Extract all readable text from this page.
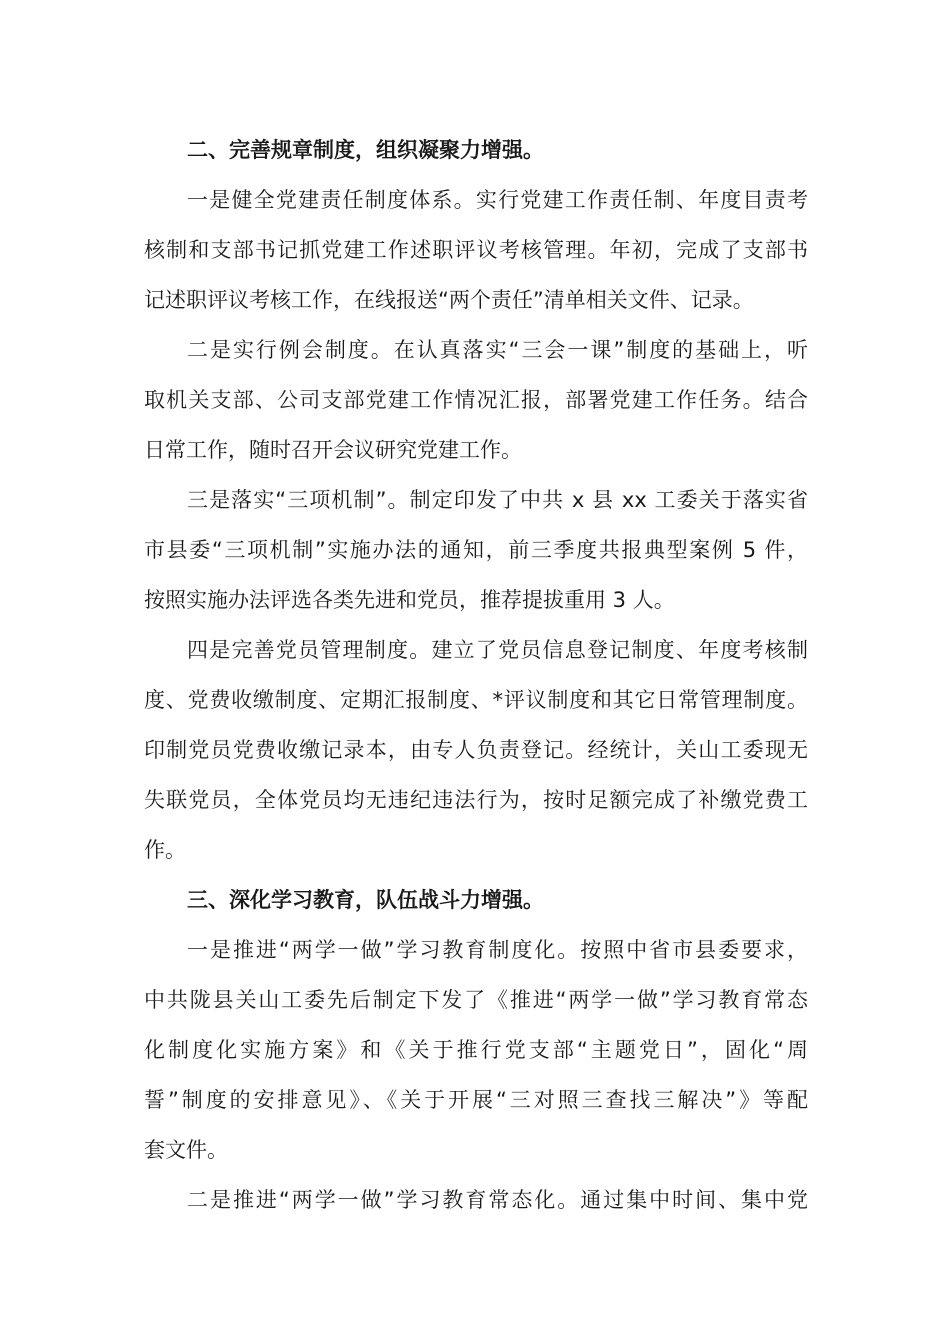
二、完善规章制度，组织凝聚力增强。
一是健全党建责任制度体系。实行党建工作责任制、年度目责考
核制和支部书记抓党建工作述职评议考核管理。年初，完成了支部书
记述职评议考核工作，在线报送“两个责任”清单相关文件、记录。
二是实行例会制度。在认真落实“三会一课”制度的基础上，听
取机关支部、公司支部党建工作情况汇报，部署党建工作任务。结合
日常工作，随时召开会议研究党建工作。
三是落实“三项机制”。制定印发了中共 x 县 xx 工委关于落实省
市县委“三项机制”实施办法的通知，前三季度共报典型案例 5 件，
按照实施办法评选各类先进和党员，推荐提拔重用 3 人。
四是完善党员管理制度。建立了党员信息登记制度、年度考核制
度、党费收缴制度、定期汇报制度、*评议制度和其它日常管理制度。
印制党员党费收缴记录本，由专人负责登记。经统计，关山工委现无
失联党员，全体党员均无违纪违法行为，按时足额完成了补缴党费工
作。
三、深化学习教育，队伍战斗力增强。
一是推进“两学一做”学习教育制度化。按照中省市县委要求，
中共陇县关山工委先后制定下发了《推进“两学一做”学习教育常态
化制度化实施方案》和《关于推行党支部“主题党日”，固化“周
誓”制度的安排意见》、《关于开展“三对照三查找三解决”》等配
套文件。
二是推进“两学一做”学习教育常态化。通过集中时间、集中党
